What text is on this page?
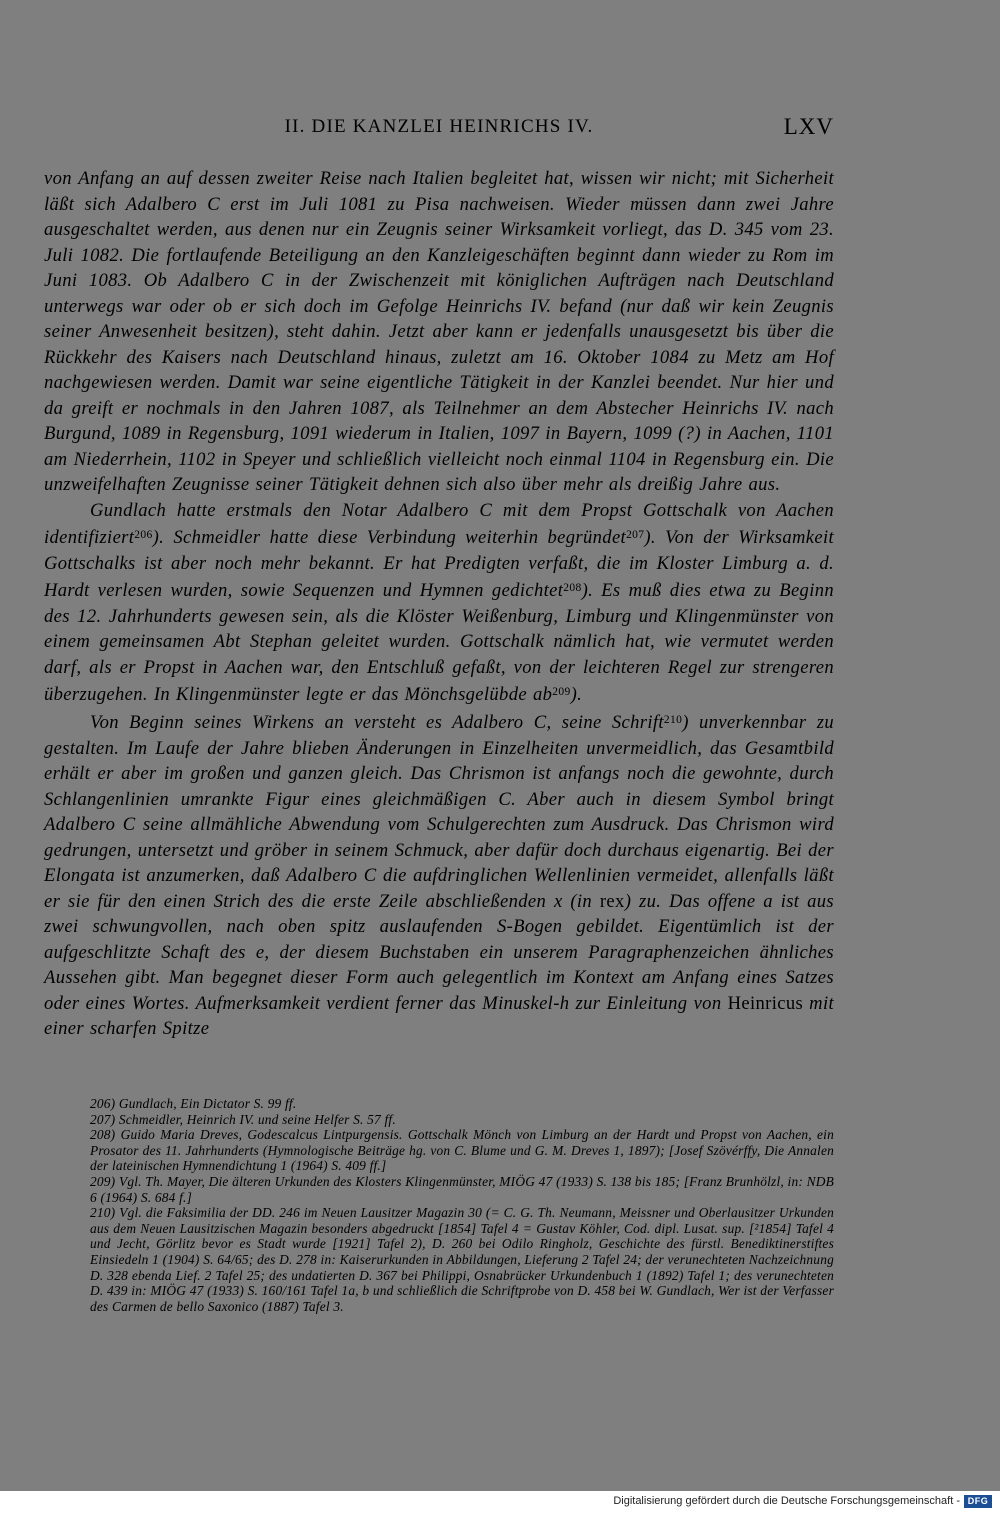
II. DIE KANZLEI HEINRICHS IV.	LXV

von Anfang an auf dessen zweiter Reise nach Italien begleitet hat, wissen wir nicht; mit Sicherheit läßt sich Adalbero C erst im Juli 1081 zu Pisa nachweisen. Wieder müssen dann zwei Jahre ausgeschaltet werden, aus denen nur ein Zeugnis seiner Wirksamkeit vorliegt, das D. 345 vom 23. Juli 1082. Die fortlaufende Beteiligung an den Kanzleigeschäften beginnt dann wieder zu Rom im Juni 1083. Ob Adalbero C in der Zwischenzeit mit königlichen Aufträgen nach Deutschland unterwegs war oder ob er sich doch im Gefolge Heinrichs IV. befand (nur daß wir kein Zeugnis seiner Anwesenheit besitzen), steht dahin. Jetzt aber kann er jedenfalls unausgesetzt bis über die Rückkehr des Kaisers nach Deutschland hinaus, zuletzt am 16. Oktober 1084 zu Metz am Hof nachgewiesen werden. Damit war seine eigentliche Tätigkeit in der Kanzlei beendet. Nur hier und da greift er nochmals in den Jahren 1087, als Teilnehmer an dem Abstecher Heinrichs IV. nach Burgund, 1089 in Regensburg, 1091 wiederum in Italien, 1097 in Bayern, 1099 (?) in Aachen, 1101 am Niederrhein, 1102 in Speyer und schließlich vielleicht noch einmal 1104 in Regensburg ein. Die unzweifelhaften Zeugnisse seiner Tätigkeit dehnen sich also über mehr als dreißig Jahre aus.

Gundlach hatte erstmals den Notar Adalbero C mit dem Propst Gottschalk von Aachen identifiziert$^{206}$). Schmeidler hatte diese Verbindung weiterhin begründet$^{207}$). Von der Wirksamkeit Gottschalks ist aber noch mehr bekannt. Er hat Predigten verfaßt, die im Kloster Limburg a. d. Hardt verlesen wurden, sowie Sequenzen und Hymnen gedichtet$^{208}$). Es muß dies etwa zu Beginn des 12. Jahrhunderts gewesen sein, als die Klöster Weißenburg, Limburg und Klingenmünster von einem gemeinsamen Abt Stephan geleitet wurden. Gottschalk nämlich hat, wie vermutet werden darf, als er Propst in Aachen war, den Entschluß gefaßt, von der leichteren Regel zur strengeren überzugehen. In Klingenmünster legte er das Mönchsgelübde $ab^{209}$).

Von Beginn seines Wirkens an versteht es Adalbero C, seine Schrift$^{210}$) unverkennbar zu gestalten. Im Laufe der Jahre blieben Änderungen in Einzelheiten unvermeidlich, das Gesamtbild erhält er aber im großen und ganzen gleich. Das Chrismon ist anfangs noch die gewohnte, durch Schlangenlinien umrankte Figur eines gleichmäßigen C. Aber auch in diesem Symbol bringt Adalbero C seine allmähliche Abwendung vom Schulgerechten zum Ausdruck. Das Chrismon wird gedrungen, untersetzt und gröber in seinem Schmuck, aber dafür doch durchaus eigenartig. Bei der Elongata ist anzumerken, daß Adalbero C die aufdringlichen Wellenlinien vermeidet, allenfalls läßt er sie für den einen Strich des die erste Zeile abschließenden x (in rex) zu. Das offene a ist aus zwei schwungvollen, nach oben spitz auslaufenden S-Bogen gebildet. Eigentümlich ist der aufgeschlitzte Schaft des e, der diesem Buchstaben ein unserem Paragraphenzeichen ähnliches Aussehen gibt. Man begegnet dieser Form auch gelegentlich im Kontext am Anfang eines Satzes oder eines Wortes. Aufmerksamkeit verdient ferner das Minuskel-h zur Einleitung von Heinricus mit einer scharfen Spitze

206) Gundlach, Ein Dictator S. 99 ff.

207) Schmeidler, Heinrich IV. und seine Helfer S. 57 ff.

208) Guido Maria Dreves, Godescalcus Lintpurgensis. Gottschalk Mönch von Limburg an der Hardt und Propst von Aachen, ein Prosator des 11. Jahrhunderts (Hymnologische Beiträge hg. von C. Blume und G. M. Dreves 1, 1897); [Josef Szövérffy, Die Annalen der lateinischen Hymnendichtung 1 (1964) S. 409 ff.]

209) Vgl. Th. Mayer, Die älteren Urkunden des Klosters Klingenmünster, MIÖG 47 (1933) S. 138 bis 185; [Franz Brunhölzl, in: NDB 6 (1964) S. 684 f.]

210) Vgl. die Faksimilia der DD. 246 im Neuen Lausitzer Magazin 30 (= C. G. Th. Neumann, Meissner und Oberlausitzer Urkunden aus dem Neuen Lausitzischen Magazin besonders abgedruckt [1854] Tafel 4 = Gustav Köhler, Cod. dipl. Lusat. sup. [²1854] Tafel 4 und Jecht, Görlitz bevor es Stadt wurde [1921] Tafel 2), D. 260 bei Odilo Ringholz, Geschichte des fürstl. Benediktinerstiftes Einsiedeln 1 (1904) S. 64/65; des D. 278 in: Kaiserurkunden in Abbildungen, Lieferung 2 Tafel 24; der verunechteten Nachzeichnung D. 328 ebenda Lief. 2 Tafel 25; des undatierten D. 367 bei Philippi, Osnabrücker Urkundenbuch 1 (1892) Tafel 1; des verunechteten D. 439 in: MIÖG 47 (1933) S. 160/161 Tafel 1a, b und schließlich die Schriftprobe von D. 458 bei W. Gundlach, Wer ist der Verfasser des Carmen de bello Saxonico (1887) Tafel 3.

Digitalisierung gefördert durch die Deutsche Forschungsgemeinschaft - DFG
